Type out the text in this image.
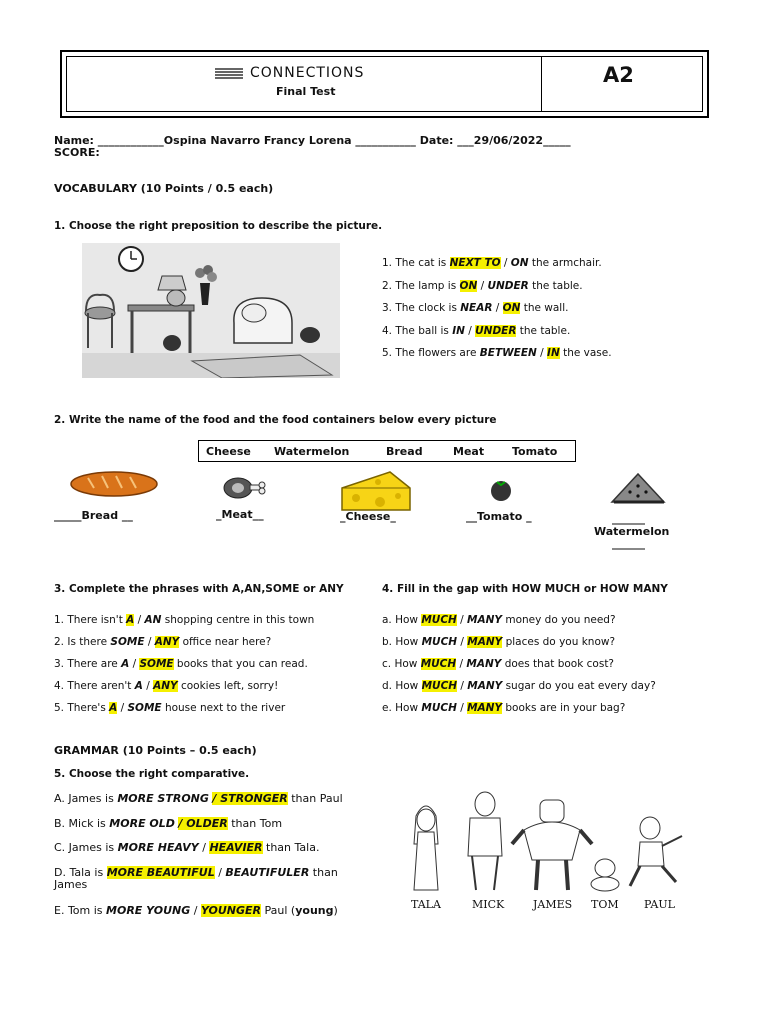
CONNECTIONS
Final Test
A2
Name: ____________Ospina Navarro Francy Lorena ___________ Date: ___29/06/2022_____
SCORE:
VOCABULARY (10 Points / 0.5 each)
1. Choose the right preposition to describe the picture.
1. The cat is NEXT TO / ON the armchair.
2. The lamp is ON / UNDER the table.
3. The clock is NEAR / ON the wall.
4. The ball is IN / UNDER the table.
5. The flowers are BETWEEN / IN the vase.
2. Write the name of the food and the food containers below every picture
Cheese Watermelon	Bread	Meat	Tomato
_____Bread __	_Meat__	_Cheese_	__Tomato _	______
Watermelon
______
3. Complete the phrases with A,AN,SOME or ANY
1. There isn't A / AN shopping centre in this town
2. Is there SOME / ANY office near here?
3. There are A / SOME books that you can read.
4. There aren't A / ANY cookies left, sorry!
5. There's A / SOME house next to the river
4. Fill in the gap with HOW MUCH or HOW MANY
a. How MUCH / MANY money do you need?
b. How MUCH / MANY places do you know?
c. How MUCH / MANY does that book cost?
d. How MUCH / MANY sugar do you eat every day?
e. How MUCH / MANY books are in your bag?
GRAMMAR (10 Points – 0.5 each)
5. Choose the right comparative.
A. James is MORE STRONG / STRONGER than Paul
B. Mick is MORE OLD / OLDER than Tom
C. James is MORE HEAVY / HEAVIER than Tala.
D. Tala is MORE BEAUTIFUL / BEAUTIFULER than
James
E. Tom is MORE YOUNG / YOUNGER Paul (young)	TALA	MICK	JAMES TOM PAUL
